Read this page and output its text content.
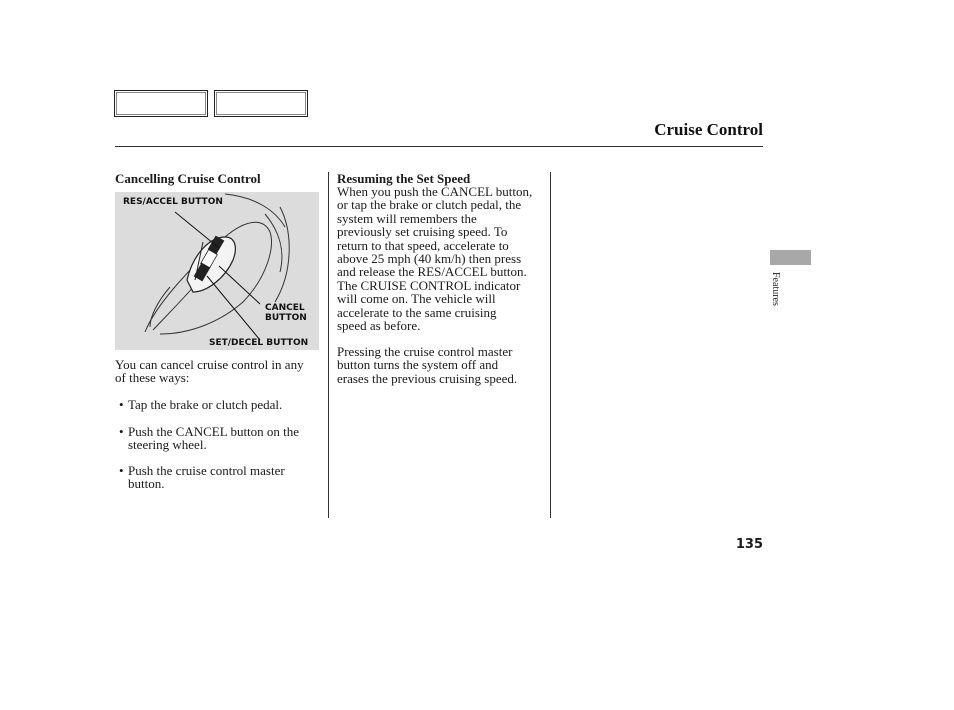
Cruise Control
Cancelling Cruise Control
RES/ACCEL BUTTON
CANCEL
BUTTON
SET/DECEL BUTTON

You can cancel cruise control in any

of these ways:

• Tap the brake or clutch pedal.
• Push the CANCEL button on the
steering wheel.
• Push the cruise control master
button.
Resuming the Set Speed
When you push the CANCEL button,
or tap the brake or clutch pedal, the
system will remembers the
previously set cruising speed. To
return to that speed, accelerate to
above 25 mph (40 km/h) then press
and release the RES/ACCEL button.
The CRUISE CONTROL indicator
will come on. The vehicle will
accelerate to the same cruising
speed as before.
Pressing the cruise control master
button turns the system off and
erases the previous cruising speed.
Features
135
